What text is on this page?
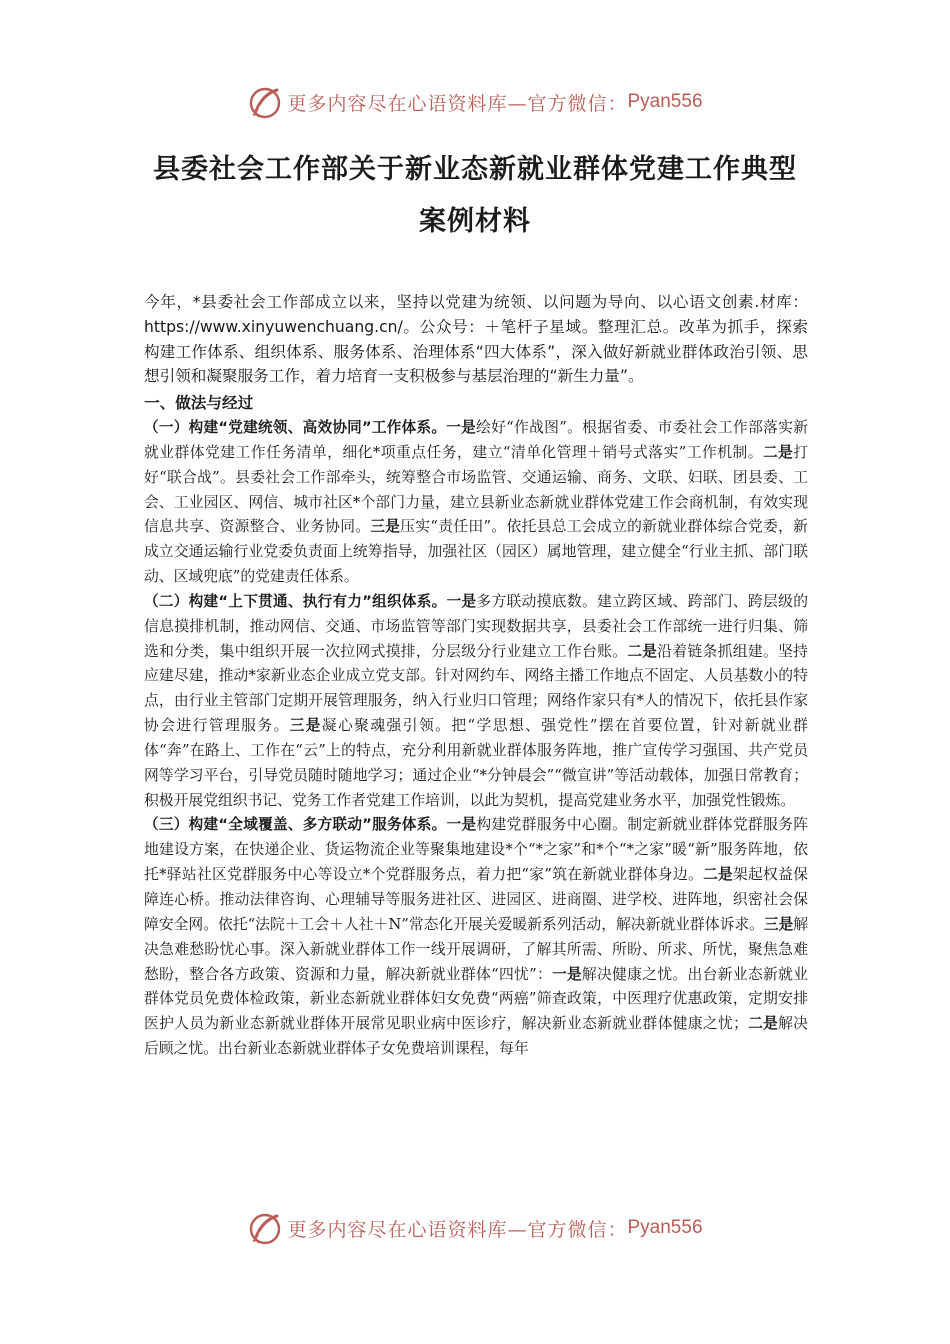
更多内容尽在心语资料库—官方微信： Pyan556
县委社会工作部关于新业态新就业群体党建工作典型
案例材料

今年，*县委社会工作部成立以来，坚持以党建为统领、以问题为导向、以心语文创素.材库：https://www.xinyuwenchuang.cn/。公众号：＋笔杆子星域。整理汇总。改革为抓手，探索构建工作体系、组织体系、服务体系、治理体系“四大体系”，深入做好新就业群体政治引领、思想引领和凝聚服务工作，着力培育一支积极参与基层治理的“新生力量”。

一、做法与经过

（一）构建“党建统领、高效协同”工作体系。一是绘好“作战图”。根据省委、市委社会工作部落实新就业群体党建工作任务清单，细化*项重点任务，建立“清单化管理＋销号式落实”工作机制。二是打好“联合战”。县委社会工作部牵头，统筹整合市场监管、交通运输、商务、文联、妇联、团县委、工会、工业园区、网信、城市社区*个部门力量，建立县新业态新就业群体党建工作会商机制，有效实现信息共享、资源整合、业务协同。三是压实“责任田”。依托县总工会成立的新就业群体综合党委，新成立交通运输行业党委负责面上统筹指导，加强社区（园区）属地管理，建立健全“行业主抓、部门联动、区域兜底”的党建责任体系。

（二）构建“上下贯通、执行有力”组织体系。一是多方联动摸底数。建立跨区域、跨部门、跨层级的信息摸排机制，推动网信、交通、市场监管等部门实现数据共享，县委社会工作部统一进行归集、筛选和分类，集中组织开展一次拉网式摸排，分层级分行业建立工作台账。二是沿着链条抓组建。坚持应建尽建，推动*家新业态企业成立党支部。针对网约车、网络主播工作地点不固定、人员基数小的特点，由行业主管部门定期开展管理服务，纳入行业归口管理；网络作家只有*人的情况下，依托县作家协会进行管理服务。三是凝心聚魂强引领。把“学思想、强党性”摆在首要位置，针对新就业群体“奔”在路上、工作在“云”上的特点，充分利用新就业群体服务阵地，推广宣传学习强国、共产党员网等学习平台，引导党员随时随地学习；通过企业“*分钟晨会”“微宣讲”等活动载体，加强日常教育；积极开展党组织书记、党务工作者党建工作培训，以此为契机，提高党建业务水平，加强党性锻炼。

（三）构建“全域覆盖、多方联动”服务体系。一是构建党群服务中心圈。制定新就业群体党群服务阵地建设方案，在快递企业、货运物流企业等聚集地建设*个“*之家”和*个“*之家”暖“新”服务阵地，依托*驿站社区党群服务中心等设立*个党群服务点，着力把“家”筑在新就业群体身边。二是架起权益保障连心桥。推动法律咨询、心理辅导等服务进社区、进园区、进商圈、进学校、进阵地，织密社会保障安全网。依托“法院＋工会＋人社＋N”常态化开展关爱暖新系列活动，解决新就业群体诉求。三是解决急难愁盼忧心事。深入新就业群体工作一线开展调研，了解其所需、所盼、所求、所忧，聚焦急难愁盼，整合各方政策、资源和力量，解决新就业群体“四忧”：一是解决健康之忧。出台新业态新就业群体党员免费体检政策，新业态新就业群体妇女免费“两癌”筛查政策，中医理疗优惠政策，定期安排医护人员为新业态新就业群体开展常见职业病中医诊疗，解决新业态新就业群体健康之忧；二是解决后顾之忧。出台新业态新就业群体子女免费培训课程，每年

更多内容尽在心语资料库—官方微信： Pyan556
